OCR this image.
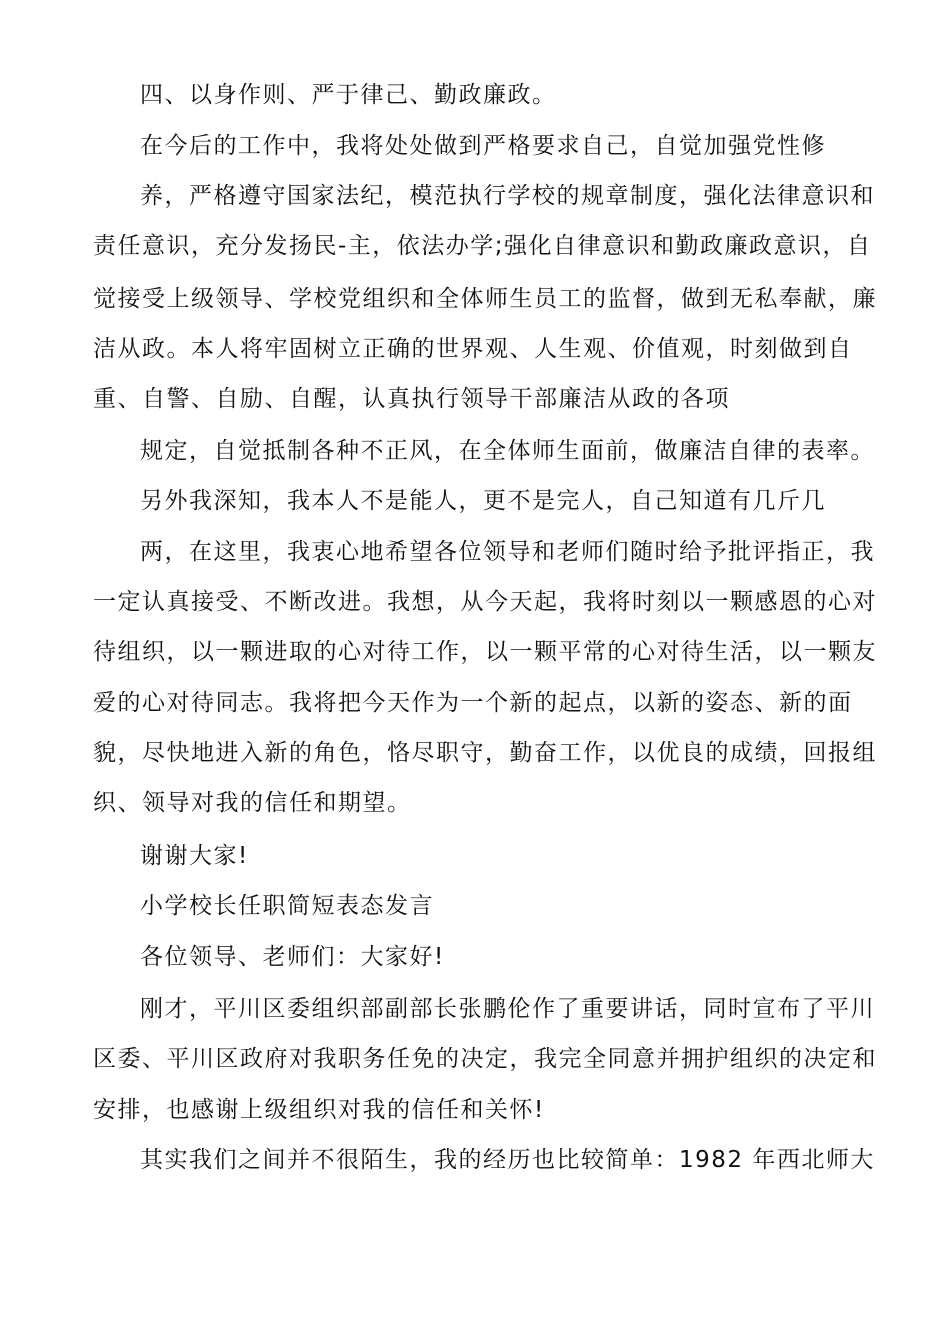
四、以身作则、严于律己、勤政廉政。
在今后的工作中，我将处处做到严格要求自己，自觉加强党性修
养，严格遵守国家法纪，模范执行学校的规章制度，强化法律意识和
责任意识，充分发扬民-主，依法办学;强化自律意识和勤政廉政意识，自
觉接受上级领导、学校党组织和全体师生员工的监督，做到无私奉献，廉
洁从政。本人将牢固树立正确的世界观、人生观、价值观，时刻做到自
重、自警、自励、自醒，认真执行领导干部廉洁从政的各项
规定，自觉抵制各种不正风，在全体师生面前，做廉洁自律的表率。
另外我深知，我本人不是能人，更不是完人，自己知道有几斤几
两，在这里，我衷心地希望各位领导和老师们随时给予批评指正，我
一定认真接受、不断改进。我想，从今天起，我将时刻以一颗感恩的心对
待组织，以一颗进取的心对待工作，以一颗平常的心对待生活，以一颗友
爱的心对待同志。我将把今天作为一个新的起点，以新的姿态、新的面
貌，尽快地进入新的角色，恪尽职守，勤奋工作，以优良的成绩，回报组
织、领导对我的信任和期望。
谢谢大家!
小学校长任职简短表态发言
各位领导、老师们：大家好!
刚才，平川区委组织部副部长张鹏伦作了重要讲话，同时宣布了平川
区委、平川区政府对我职务任免的决定，我完全同意并拥护组织的决定和
安排，也感谢上级组织对我的信任和关怀!
其实我们之间并不很陌生，我的经历也比较简单：1982 年西北师大
